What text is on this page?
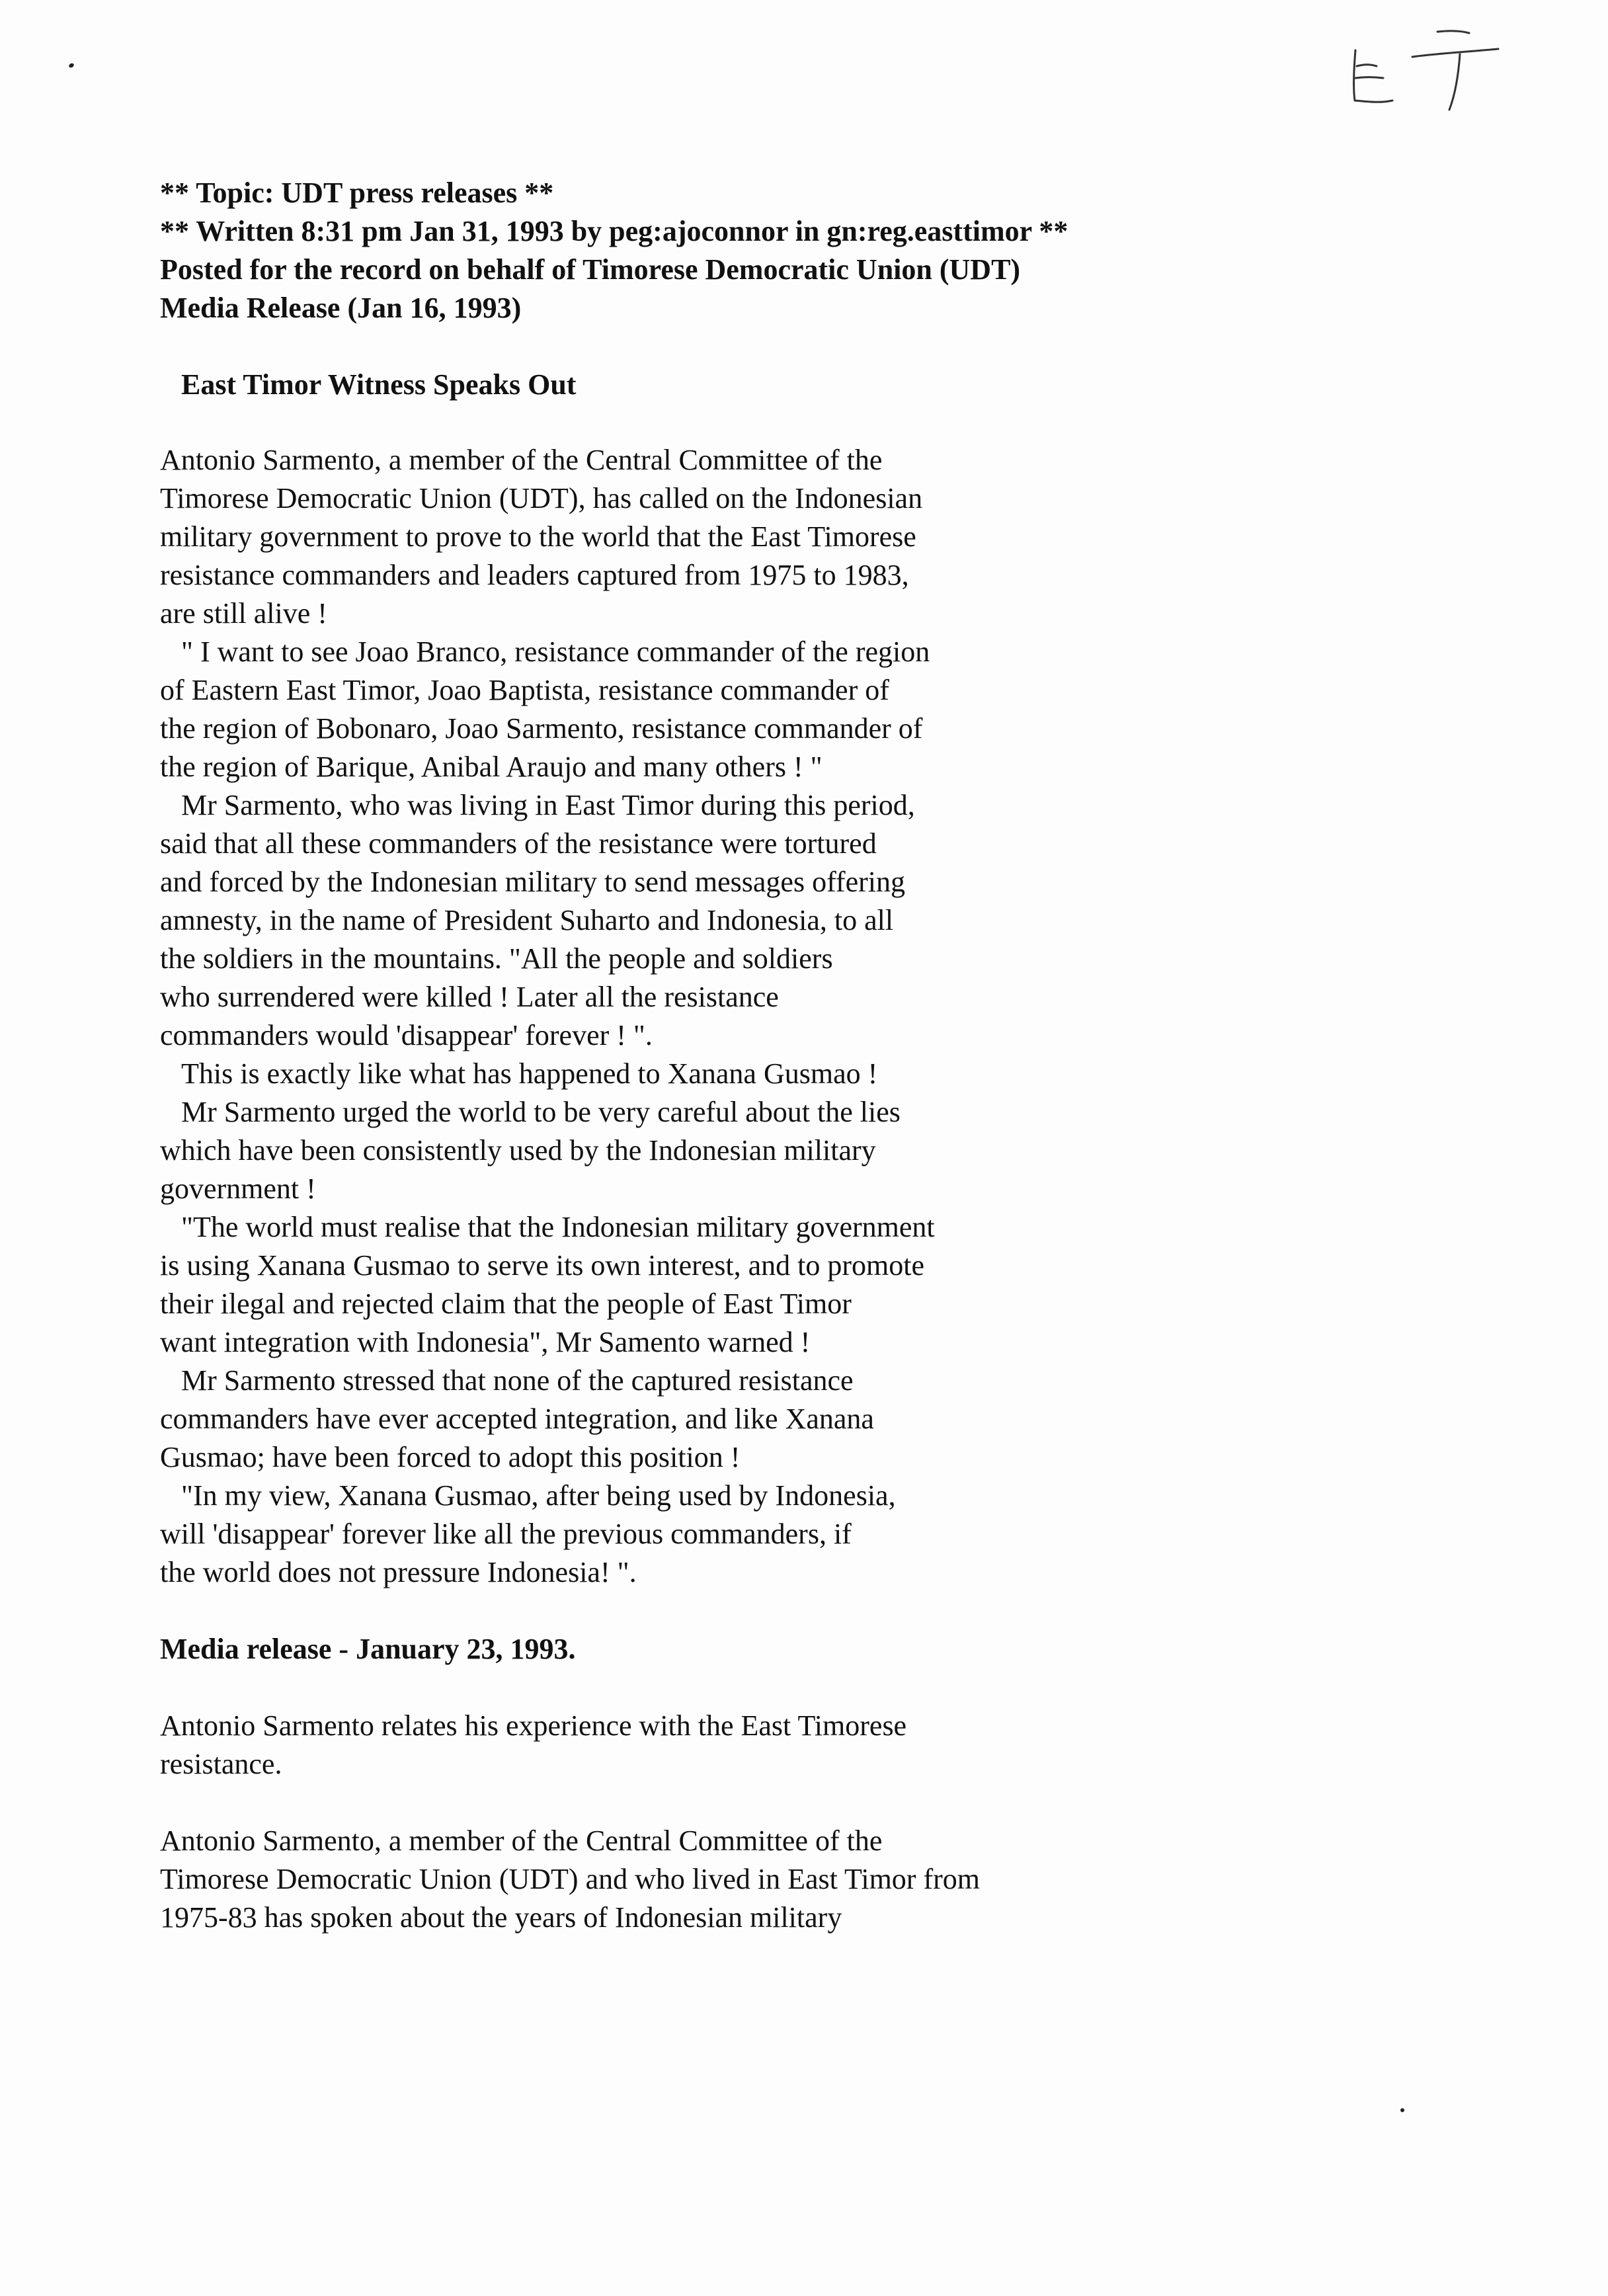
** Topic: UDT press releases **
** Written 8:31 pm Jan 31, 1993 by peg:ajoconnor in gn:reg.easttimor **
Posted for the record on behalf of Timorese Democratic Union (UDT)
Media Release (Jan 16, 1993)
East Timor Witness Speaks Out
Antonio Sarmento, a member of the Central Committee of the
Timorese Democratic Union (UDT), has called on the Indonesian
military government to prove to the world that the East Timorese
resistance commanders and leaders captured from 1975 to 1983,
are still alive !
" I want to see Joao Branco, resistance commander of the region
of Eastern East Timor, Joao Baptista, resistance commander of
the region of Bobonaro, Joao Sarmento, resistance commander of
the region of Barique, Anibal Araujo and many others ! "
Mr Sarmento, who was living in East Timor during this period,
said that all these commanders of the resistance were tortured
and forced by the Indonesian military to send messages offering
amnesty, in the name of President Suharto and Indonesia, to all
the soldiers in the mountains. "All the people and soldiers
who surrendered were killed ! Later all the resistance
commanders would 'disappear' forever ! ".
This is exactly like what has happened to Xanana Gusmao !
Mr Sarmento urged the world to be very careful about the lies
which have been consistently used by the Indonesian military
government !
"The world must realise that the Indonesian military government
is using Xanana Gusmao to serve its own interest, and to promote
their ilegal and rejected claim that the people of East Timor
want integration with Indonesia", Mr Samento warned !
Mr Sarmento stressed that none of the captured resistance
commanders have ever accepted integration, and like Xanana
Gusmao; have been forced to adopt this position !
"In my view, Xanana Gusmao, after being used by Indonesia,
will 'disappear' forever like all the previous commanders, if
the world does not pressure Indonesia! ".
Media release - January 23, 1993.
Antonio Sarmento relates his experience with the East Timorese
resistance.
Antonio Sarmento, a member of the Central Committee of the
Timorese Democratic Union (UDT) and who lived in East Timor from
1975-83 has spoken about the years of Indonesian military
